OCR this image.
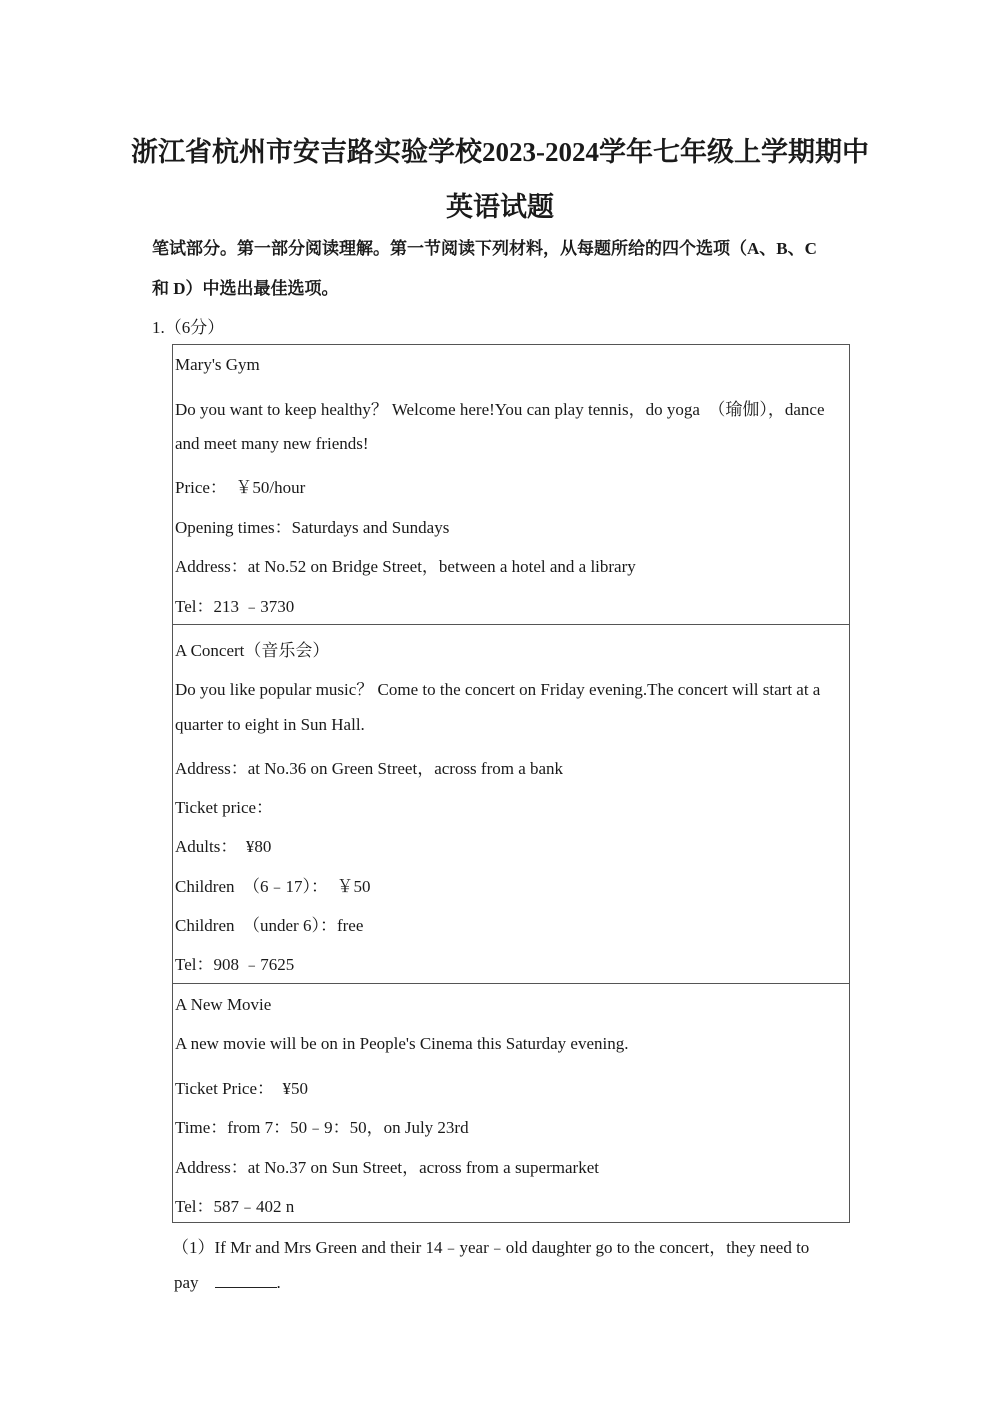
浙江省杭州市安吉路实验学校2023-2024学年七年级上学期期中
英语试题
笔试部分。第一部分阅读理解。第一节阅读下列材料，从每题所给的四个选项（A、B、C
和 D）中选出最佳选项。
1.（6分）
Mary's Gym
Do you want to keep healthy？ Welcome here!You can play tennis，do yoga　（瑜伽），dance
and meet many new friends!
Price：　￥50/hour
Opening times：Saturdays and Sundays
Address：at No.52 on Bridge Street，between a hotel and a library
Tel：213 ﹣3730
A Concert（音乐会）
Do you like popular music？ Come to the concert on Friday evening.The concert will start at a
quarter to eight in Sun Hall.
Address：at No.36 on Green Street，across from a bank
Ticket price：
Adults：　¥80
Children　（6﹣17）：　￥50
Children　（under 6）：free
Tel：908 ﹣7625
A New Movie
A new movie will be on in People's Cinema this Saturday evening.
Ticket Price：　¥50
Time：from 7：50﹣9：50，on July 23rd
Address：at No.37 on Sun Street，across from a supermarket
Tel：587﹣402 n
（1）If Mr and Mrs Green and their 14﹣year﹣old daughter go to the concert，they need to
pay	.
